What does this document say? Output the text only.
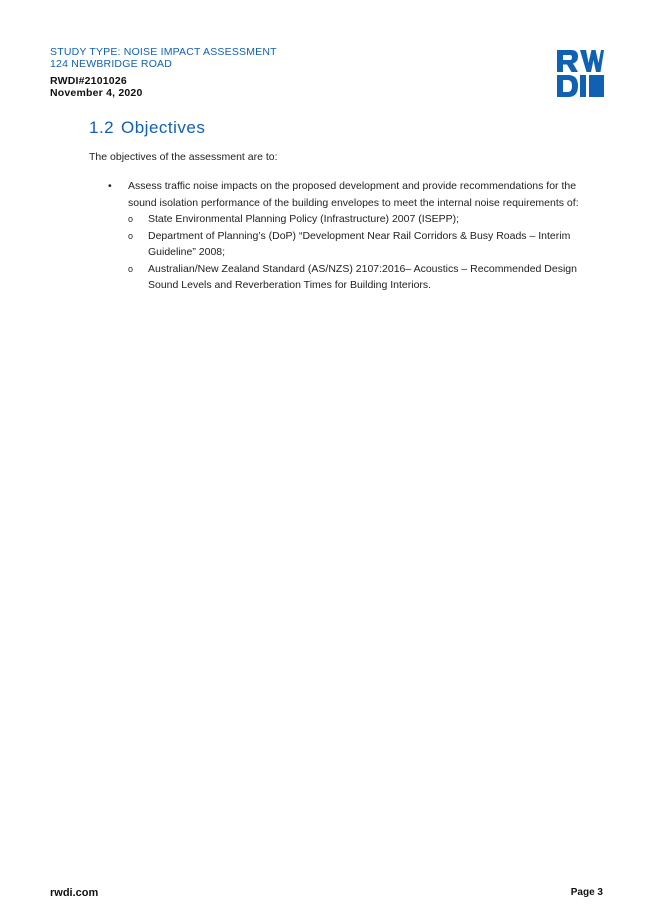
STUDY TYPE: NOISE IMPACT ASSESSMENT
124 NEWBRIDGE ROAD
RWDI#2101026
November 4, 2020
1.2 Objectives
The objectives of the assessment are to:
• Assess traffic noise impacts on the proposed development and provide recommendations for the sound isolation performance of the building envelopes to meet the internal noise requirements of:
o State Environmental Planning Policy (Infrastructure) 2007 (ISEPP);
o Department of Planning’s (DoP) “Development Near Rail Corridors & Busy Roads – Interim Guideline” 2008;
o Australian/New Zealand Standard (AS/NZS) 2107:2016– Acoustics – Recommended Design Sound Levels and Reverberation Times for Building Interiors.
rwdi.com	Page 3
